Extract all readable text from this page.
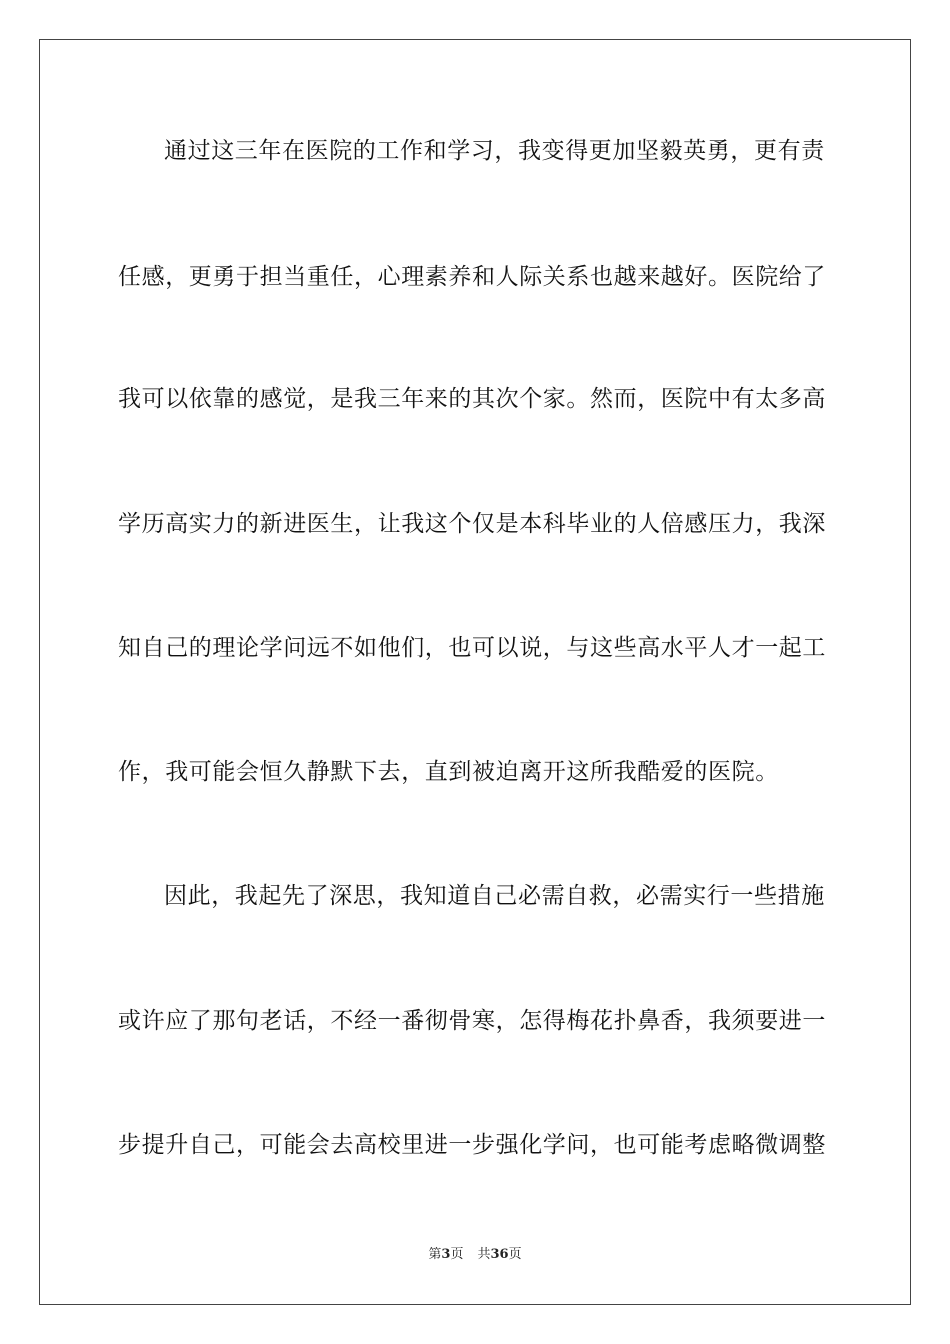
通过这三年在医院的工作和学习，我变得更加坚毅英勇，更有责
任感，更勇于担当重任，心理素养和人际关系也越来越好。医院给了
我可以依靠的感觉，是我三年来的其次个家。然而，医院中有太多高
学历高实力的新进医生，让我这个仅是本科毕业的人倍感压力，我深
知自己的理论学问远不如他们，也可以说，与这些高水平人才一起工
作，我可能会恒久静默下去，直到被迫离开这所我酷爱的医院。
因此，我起先了深思，我知道自己必需自救，必需实行一些措施
或许应了那句老话，不经一番彻骨寒，怎得梅花扑鼻香，我须要进一
步提升自己，可能会去高校里进一步强化学问，也可能考虑略微调整
第3页 共36页
